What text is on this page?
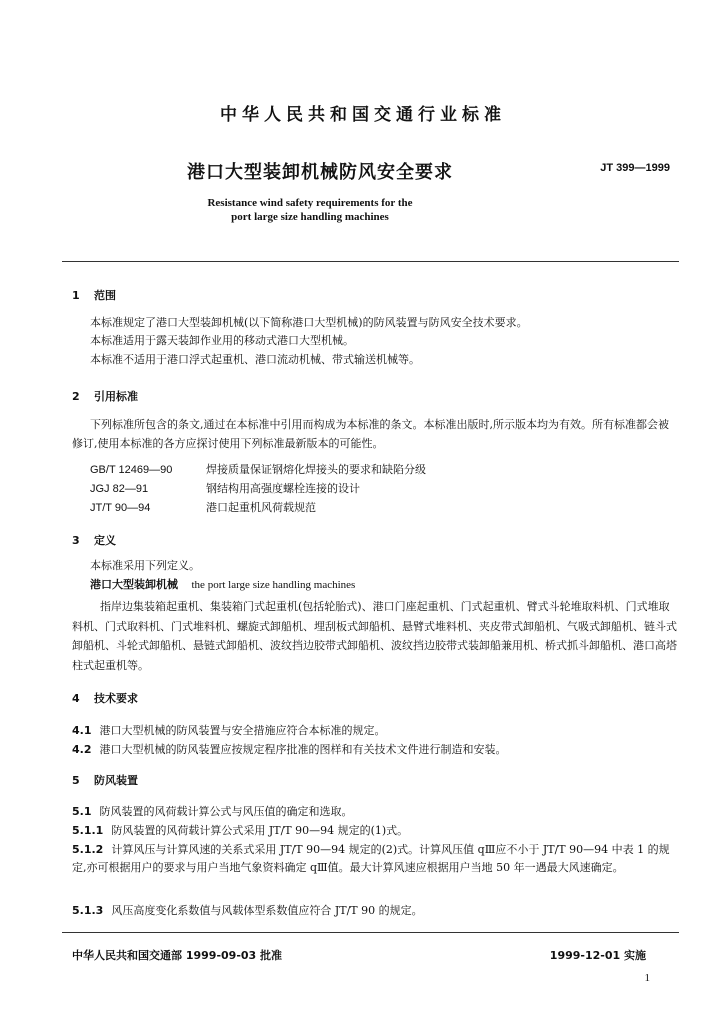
中华人民共和国交通行业标准
港口大型装卸机械防风安全要求	JT 399—1999
Resistance wind safety requirements for the
port large size handling machines
1 范围
本标准规定了港口大型装卸机械(以下简称港口大型机械)的防风装置与防风安全技术要求。
本标准适用于露天装卸作业用的移动式港口大型机械。
本标准不适用于港口浮式起重机、港口流动机械、带式输送机械等。
2 引用标准
下列标准所包含的条文,通过在本标准中引用而构成为本标准的条文。本标准出版时,所示版本均为有效。所有标准都会被修订,使用本标准的各方应探讨使用下列标准最新版本的可能性。
GB/T 12469—90	焊接质量保证钢熔化焊接头的要求和缺陷分级
JGJ 82—91	钢结构用高强度螺栓连接的设计
JT/T 90—94	港口起重机风荷载规范
3 定义
本标准采用下列定义。
港口大型装卸机械 the port large size handling machines
指岸边集装箱起重机、集装箱门式起重机(包括轮胎式)、港口门座起重机、门式起重机、臂式斗轮堆取料机、门式堆取料机、门式取料机、门式堆料机、螺旋式卸船机、埋刮板式卸船机、悬臂式堆料机、夹皮带式卸船机、气吸式卸船机、链斗式卸船机、斗轮式卸船机、悬链式卸船机、波纹挡边胶带式卸船机、波纹挡边胶带式装卸船兼用机、桥式抓斗卸船机、港口高塔柱式起重机等。
4 技术要求
4.1 港口大型机械的防风装置与安全措施应符合本标准的规定。
4.2 港口大型机械的防风装置应按规定程序批准的图样和有关技术文件进行制造和安装。
5 防风装置
5.1 防风装置的风荷载计算公式与风压值的确定和选取。
5.1.1 防风装置的风荷载计算公式采用 JT/T 90—94 规定的(1)式。
5.1.2 计算风压与计算风速的关系式采用 JT/T 90—94 规定的(2)式。计算风压值 qⅢ应不小于 JT/T 90—94 中表 1 的规定,亦可根据用户的要求与用户当地气象资料确定 qⅢ值。最大计算风速应根据用户当地 50 年一遇最大风速确定。
5.1.3 风压高度变化系数值与风载体型系数值应符合 JT/T 90 的规定。
中华人民共和国交通部 1999-09-03 批准	1999-12-01 实施
1
